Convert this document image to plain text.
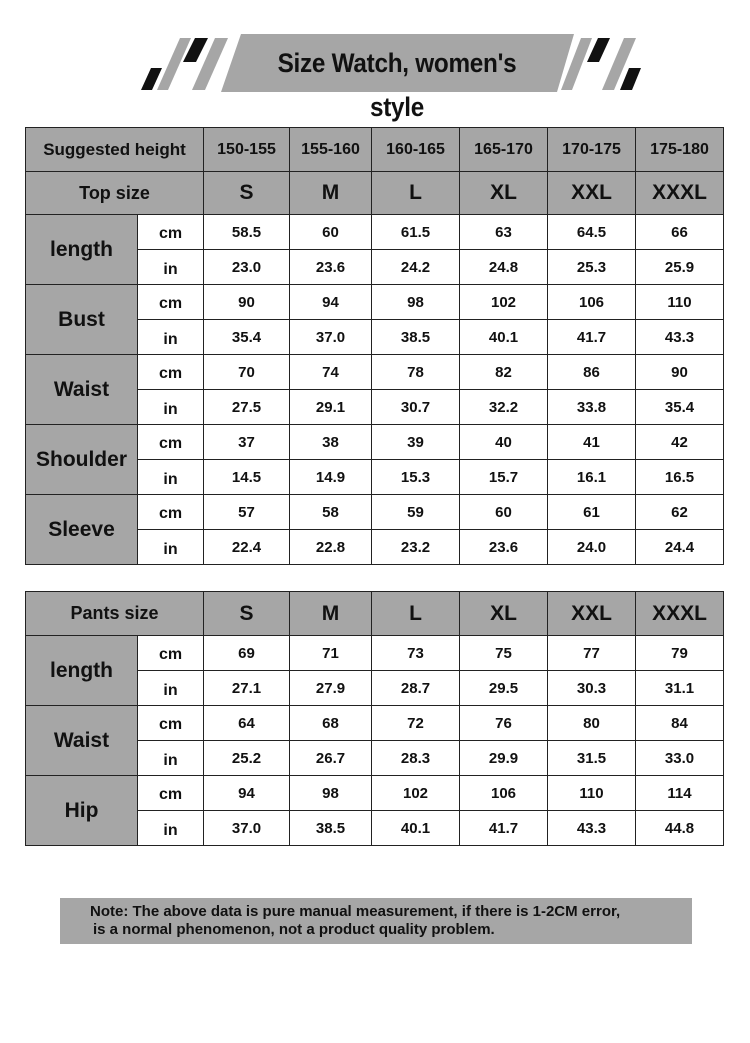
Size Watch, women's style
Suggested height		150-155	155-160	160-165	165-170	170-175	175-180
Top size		S	M	L	XL	XXL	XXXL
length	cm	58.5	60	61.5	63	64.5	66
	in	23.0	23.6	24.2	24.8	25.3	25.9
Bust	cm	90	94	98	102	106	110
	in	35.4	37.0	38.5	40.1	41.7	43.3
Waist	cm	70	74	78	82	86	90
	in	27.5	29.1	30.7	32.2	33.8	35.4
Shoulder	cm	37	38	39	40	41	42
	in	14.5	14.9	15.3	15.7	16.1	16.5
Sleeve	cm	57	58	59	60	61	62
	in	22.4	22.8	23.2	23.6	24.0	24.4
Pants size		S	M	L	XL	XXL	XXXL
length	cm	69	71	73	75	77	79
	in	27.1	27.9	28.7	29.5	30.3	31.1
Waist	cm	64	68	72	76	80	84
	in	25.2	26.7	28.3	29.9	31.5	33.0
Hip	cm	94	98	102	106	110	114
	in	37.0	38.5	40.1	41.7	43.3	44.8
Note: The above data is pure manual measurement, if there is 1-2CM error,
is a normal phenomenon, not a product quality problem.
